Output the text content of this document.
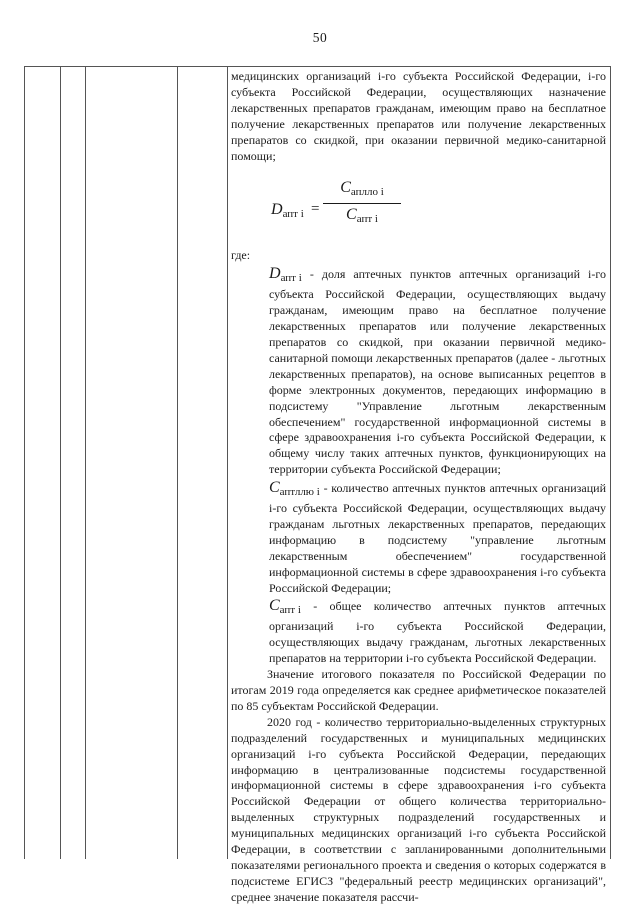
50

медицинских организаций i-го субъекта Российской Федерации, i-го субъекта Российской Федерации, осуществляющих назначение лекарственных препаратов гражданам, имеющим право на бесплатное получение лекарственных препаратов или получение лекарственных препаратов со скидкой, при оказании первичной медико-санитарной помощи;

$D_{апт i}$ =
$C_{аплло i}$
$C_{апт i}$

где:

$D_{апт i}$ - доля аптечных пунктов аптечных организаций i-го субъекта Российской Федерации, осуществляющих выдачу гражданам, имеющим право на бесплатное получение лекарственных препаратов или получение лекарственных препаратов со скидкой, при оказании первичной медико-санитарной помощи лекарственных препаратов (далее - льготных лекарственных препаратов), на основе выписанных рецептов в форме электронных документов, передающих информацию в подсистему "Управление льготным лекарственным обеспечением" государственной информационной системы в сфере здравоохранения i-го субъекта Российской Федерации, к общему числу таких аптечных пунктов, функционирующих на территории субъекта Российской Федерации;
$C_{аптллю i}$ - количество аптечных пунктов аптечных организаций i-го субъекта Российской Федерации, осуществляющих выдачу гражданам льготных лекарственных препаратов, передающих информацию в подсистему "управление льготным лекарственным обеспечением" государственной информационной системы в сфере здравоохранения i-го субъекта Российской Федерации;
$C_{апт i}$ - общее количество аптечных пунктов аптечных организаций i-го субъекта Российской Федерации, осуществляющих выдачу гражданам, льготных лекарственных препаратов на территории i-го субъекта Российской Федерации.

Значение итогового показателя по Российской Федерации по итогам 2019 года определяется как среднее арифметическое показателей по 85 субъектам Российской Федерации.

2020 год - количество территориально-выделенных структурных подразделений государственных и муниципальных медицинских организаций i-го субъекта Российской Федерации, передающих информацию в централизованные подсистемы государственной информационной системы в сфере здравоохранения i-го субъекта Российской Федерации от общего количества территориально-выделенных структурных подразделений государственных и муниципальных медицинских организаций i-го субъекта Российской Федерации, в соответствии с запланированными дополнительными показателями регионального проекта и сведения о которых содержатся в подсистеме ЕГИСЗ "федеральный реестр медицинских организаций", среднее значение показателя рассчи-
